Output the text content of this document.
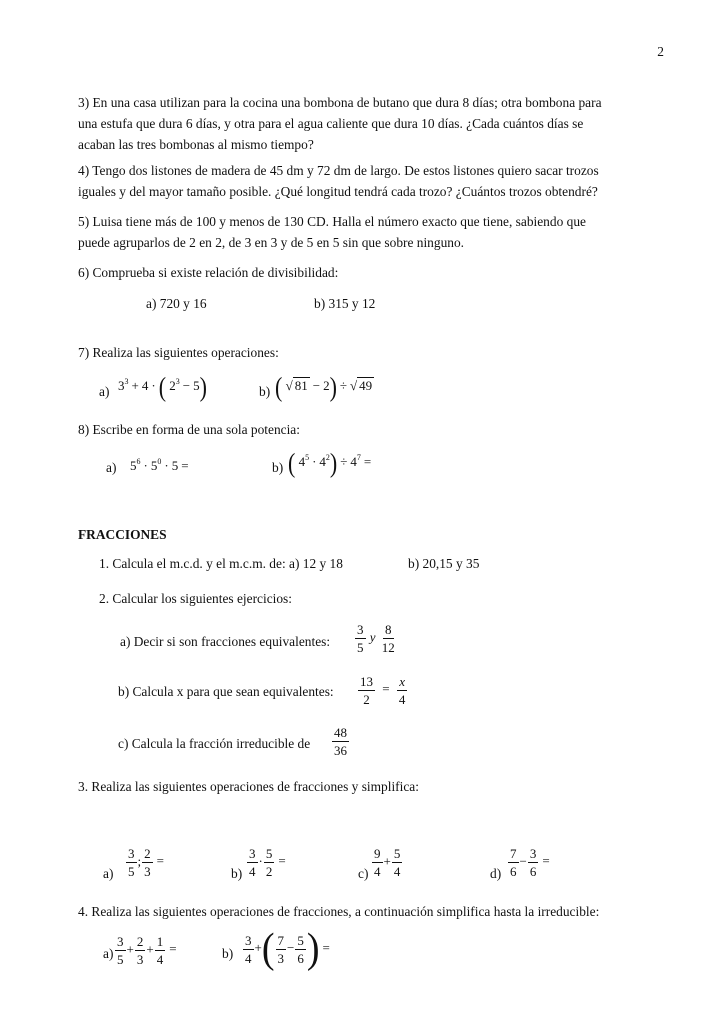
2
3) En una casa utilizan para la cocina una bombona de butano que dura 8 días; otra bombona para
una estufa que dura 6 días, y otra para el agua caliente que dura 10 días. ¿Cada cuántos días se
acaban las tres bombonas al mismo tiempo?
4) Tengo dos listones de madera de 45 dm y 72 dm de largo. De estos listones quiero sacar trozos
iguales y del mayor tamaño posible. ¿Qué longitud tendrá cada trozo? ¿Cuántos trozos obtendré?
5) Luisa tiene más de 100 y menos de 130 CD. Halla el número exacto que tiene, sabiendo que
puede agruparlos de 2 en 2, de 3 en 3 y de 5 en 5 sin que sobre ninguno.
6) Comprueba si existe relación de divisibilidad:
a) 720 y 16	b) 315 y 12
7) Realiza las siguientes operaciones:
a) $3^3 + 4$ · ( $2^3 - 5$)	b) ( √ 81 − 2) ÷ √ 49
8) Escribe en forma de una sola potencia:
a) $5^6 \cdot 5^0 \cdot 5$ =	b) ( $4^5 \cdot 4^2) \div 4^7$ =
FRACCIONES
1. Calcula el m.c.d. y el m.c.m. de: a) 12 y 18	b) 20,15 y 35
2. Calcular los siguientes ejercicios:
a) Decir si son fracciones equivalentes: $\frac{3}{5}$ y $\frac{8}{12}$
b) Calcula x para que sean equivalentes: $\frac{13}{2} = \frac{x}{4}$
c) Calcula la fracción irreducible de $\frac{48}{36}$
3. Realiza las siguientes operaciones de fracciones y simplifica:
$a) \frac{3}{5}$ ; $\frac{2}{3}$ =
$b) \frac{3}{4} \cdot \frac{5}{2}$ =
$c) \frac{9}{4} + \frac{5}{4}$	$d) \frac{7}{6} - \frac{3}{6}$ =
4. Realiza las siguientes operaciones de fracciones, a continuación simplifica hasta la irreducible:
$a) \frac{3}{5} + \frac{2}{3} + \frac{1}{4}$ =	$b) \frac{3}{4}$ +( $\frac{7}{3} - \frac{5}{6}$ ) =
